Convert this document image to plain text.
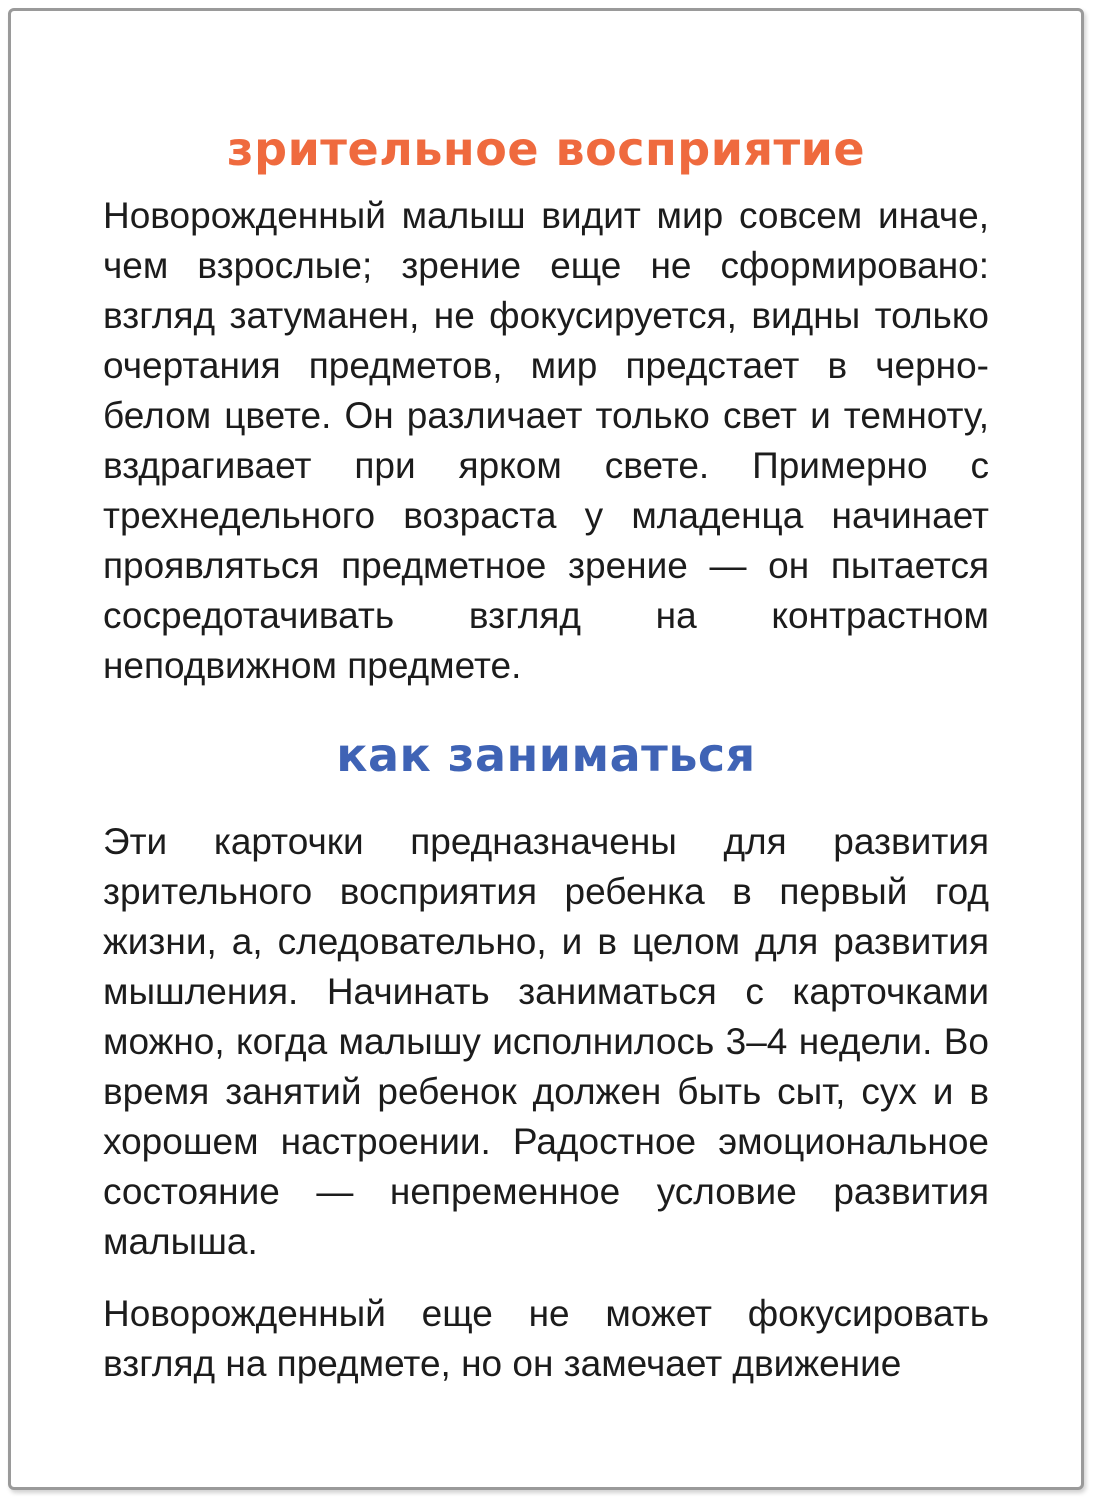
зрительное восприятие

Новорожденный малыш видит мир совсем иначе, чем взрослые; зрение еще не сформировано: взгляд затуманен, не фокусируется, видны только очертания предметов, мир предстает в черно-белом цвете. Он различает только свет и темноту, вздрагивает при ярком свете. Примерно с трехнедельного возраста у младенца начинает проявляться предметное зрение — он пытается сосредотачивать взгляд на контрастном неподвижном предмете.

как заниматься

Эти карточки предназначены для развития зрительного восприятия ребенка в первый год жизни, а, следовательно, и в целом для развития мышления. Начинать заниматься с карточками можно, когда малышу исполнилось 3–4 недели. Во время занятий ребенок должен быть сыт, сух и в хорошем настроении. Радостное эмоциональное состояние — непременное условие развития малыша.

Новорожденный еще не может фокусировать взгляд на предмете, но он замечает движение
